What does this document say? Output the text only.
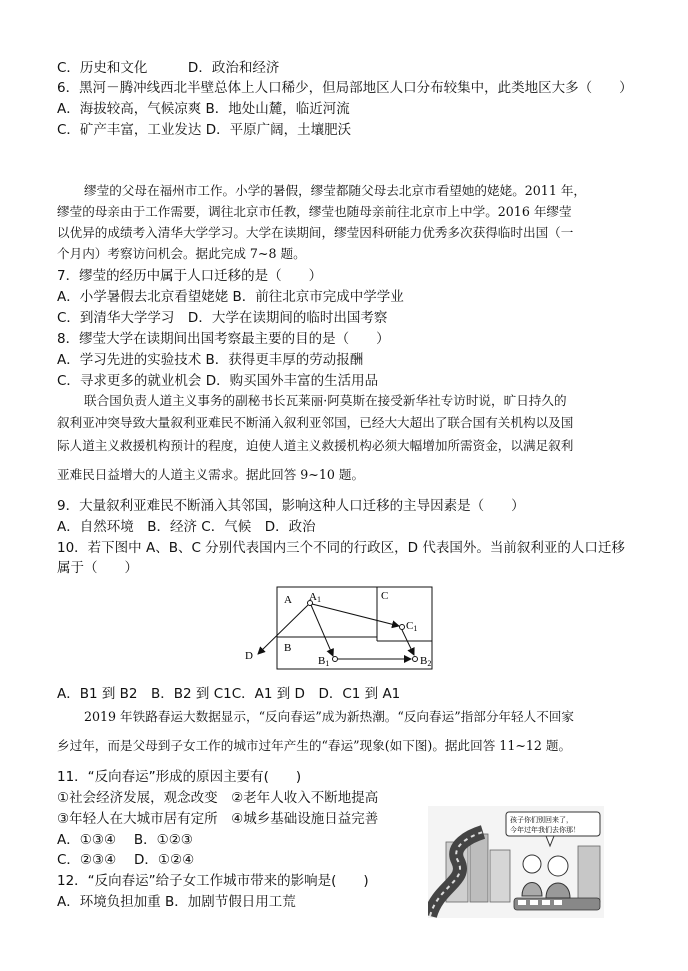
C．历史和文化　　　D．政治和经济
6．黑河－腾冲线西北半壁总体上人口稀少，但局部地区人口分布较集中，此类地区大多（　　）
A．海拔较高，气候凉爽 B．地处山麓，临近河流
C．矿产丰富，工业发达 D．平原广阔，土壤肥沃
缪莹的父母在福州市工作。小学的暑假，缪莹都随父母去北京市看望她的姥姥。2011 年，
缪莹的母亲由于工作需要，调往北京市任教，缪莹也随母亲前往北京市上中学。2016 年缪莹
以优异的成绩考入清华大学学习。大学在读期间，缪莹因科研能力优秀多次获得临时出国（一
个月内）考察访问机会。据此完成 7~8 题。
7．缪莹的经历中属于人口迁移的是（　　）
A．小学暑假去北京看望姥姥 B．前往北京市完成中学学业
C．到清华大学学习　D．大学在读期间的临时出国考察
8．缪莹大学在读期间出国考察最主要的目的是（　　）
A．学习先进的实验技术 B．获得更丰厚的劳动报酬
C．寻求更多的就业机会 D．购买国外丰富的生活用品
联合国负责人道主义事务的副秘书长瓦莱丽·阿莫斯在接受新华社专访时说，旷日持久的
叙利亚冲突导致大量叙利亚难民不断涌入叙利亚邻国，已经大大超出了联合国有关机构以及国
际人道主义救援机构预计的程度，迫使人道主义救援机构必须大幅增加所需资金，以满足叙利
亚难民日益增大的人道主义需求。据此回答 9~10 题。
9．大量叙利亚难民不断涌入其邻国，影响这种人口迁移的主导因素是（　　）
A．自然环境　B．经济 C．气候　D．政治
10．若下图中 A、B、C 分别代表国内三个不同的行政区，D 代表国外。当前叙利亚的人口迁移
属于（　　）
A A1
B
B1	B2
C
C1
D
A．B1 到 B2　B．B2 到 C1C．A1 到 D　D．C1 到 A1
2019 年铁路春运大数据显示，“反向春运”成为新热潮。“反向春运”指部分年轻人不回家
乡过年，而是父母到子女工作的城市过年产生的“春运”现象(如下图)。据此回答 11~12 题。
11．“反向春运”形成的原因主要有(　　)
①社会经济发展，观念改变　②老年人收入不断地提高
③年轻人在大城市居有定所　④城乡基础设施日益完善
A．①③④　 B．①②③
C．②③④　 D．①②④
12．“反向春运”给子女工作城市带来的影响是(　　)
A．环境负担加重 B．加剧节假日用工荒
孩子你们别回来了，
今年过年我们去你那！
